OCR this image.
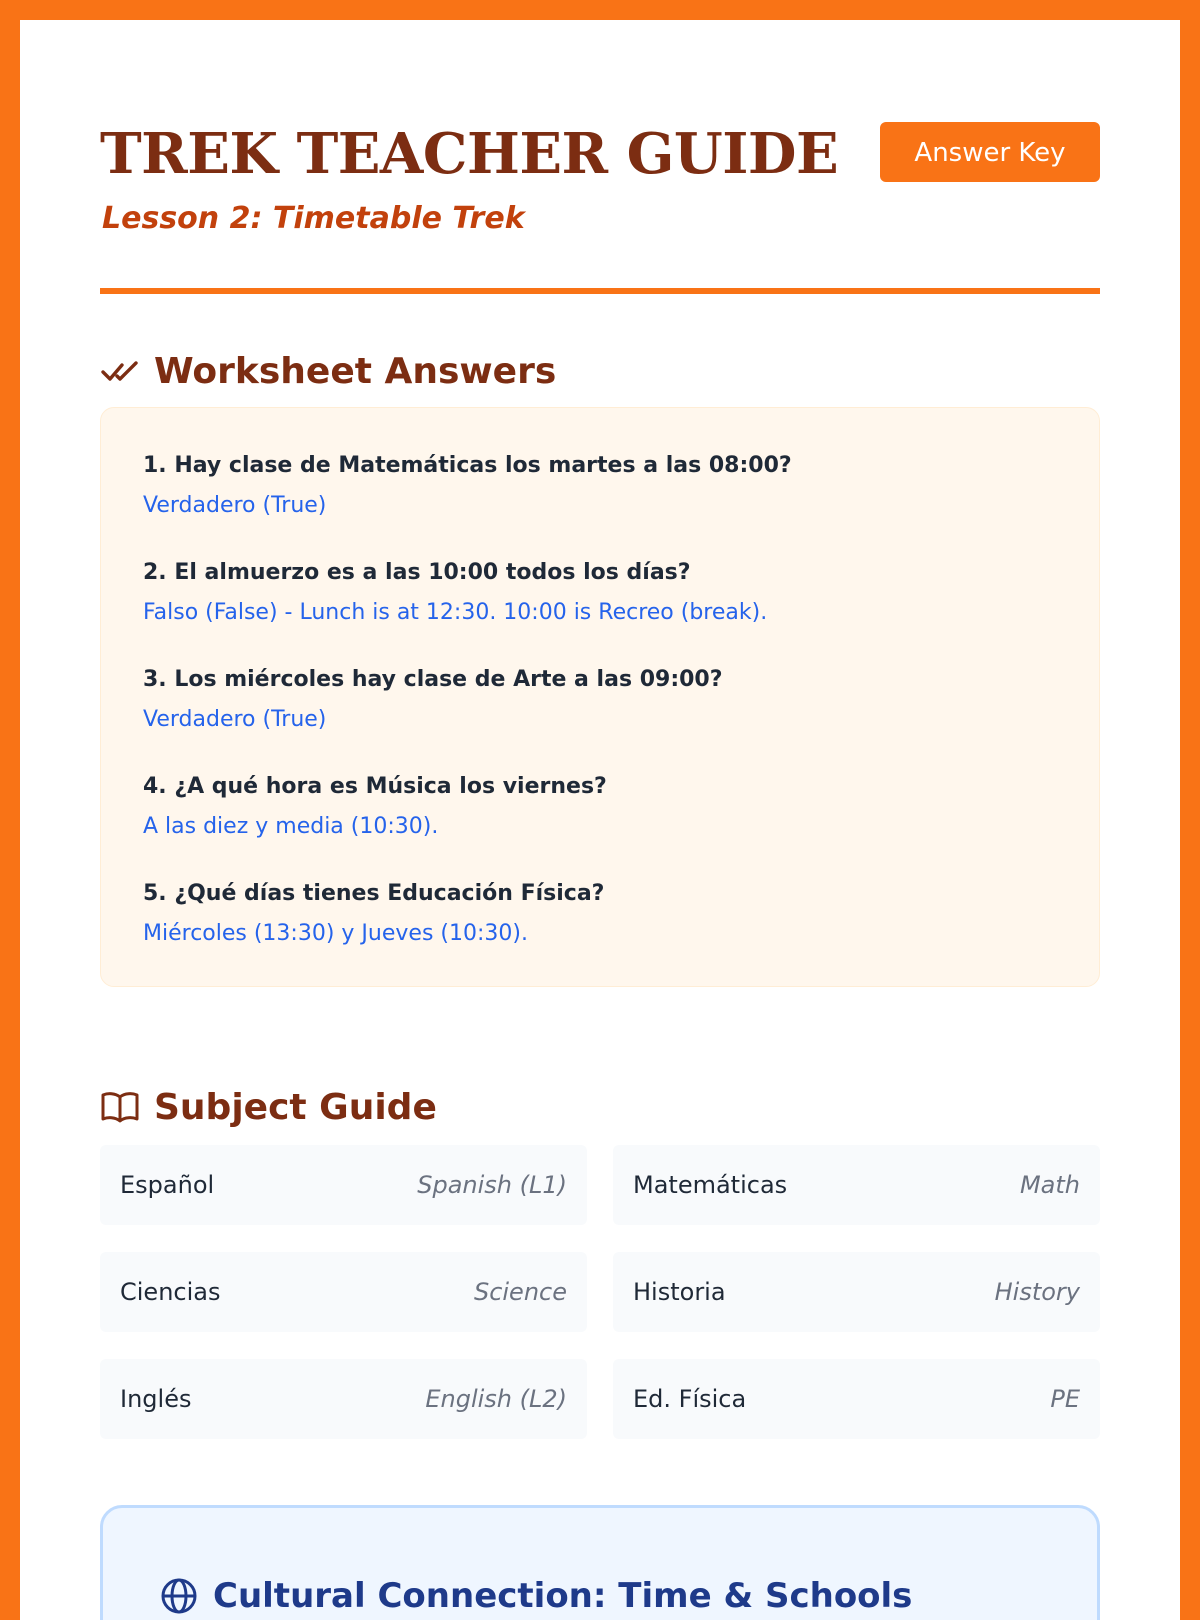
TREK TEACHER GUIDE
Lesson 2: Timetable Trek
Answer Key
Worksheet Answers
1. Hay clase de Matemáticas los martes a las 08:00?
Verdadero (True)
2. El almuerzo es a las 10:00 todos los días?
Falso (False) - Lunch is at 12:30. 10:00 is Recreo (break).
3. Los miércoles hay clase de Arte a las 09:00?
Verdadero (True)
4. ¿A qué hora es Música los viernes?
A las diez y media (10:30).
5. ¿Qué días tienes Educación Física?
Miércoles (13:30) y Jueves (10:30).
Subject Guide
Español	Spanish (L1)	Matemáticas	Math
Ciencias	Science	Historia	History
Inglés	English (L2)	Ed. Física	PE
Cultural Connection: Time & Schools
